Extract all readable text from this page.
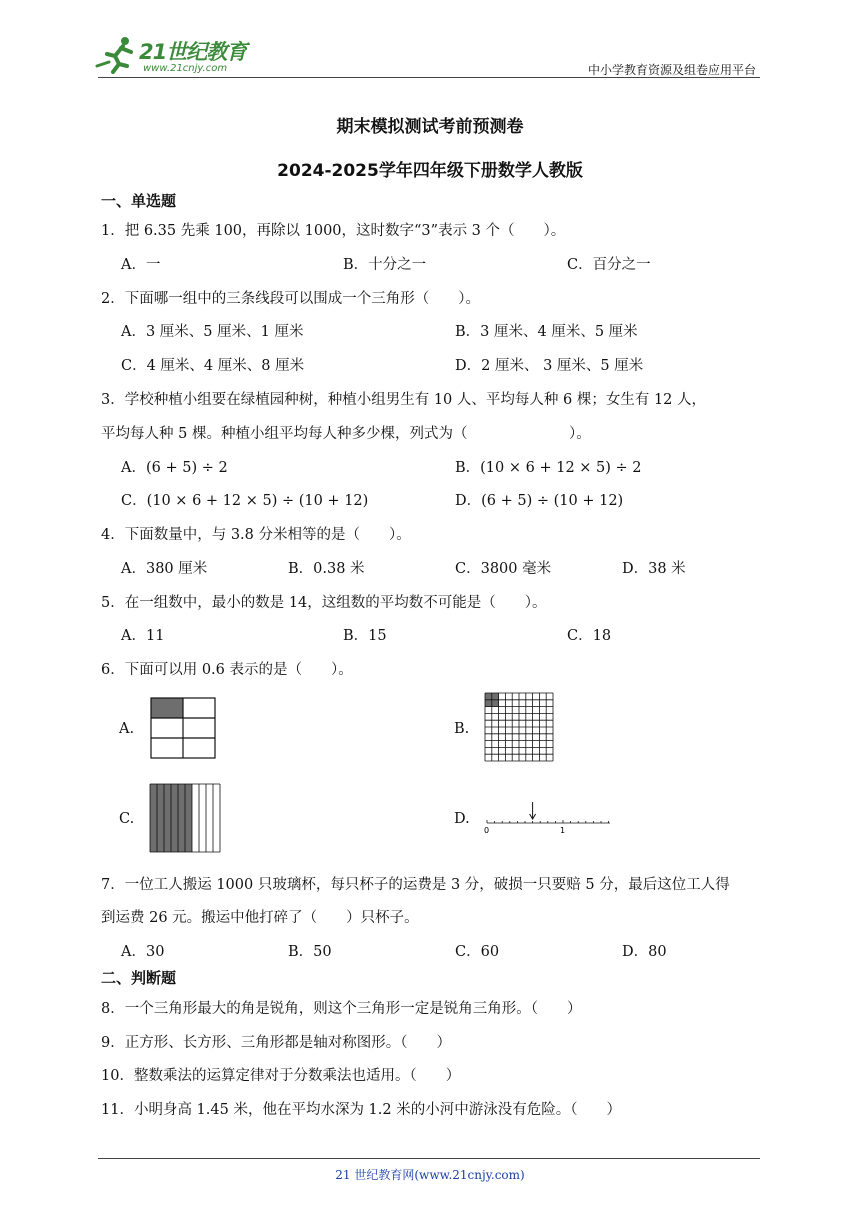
21世纪教育
www.21cnjy.com	中小学教育资源及组卷应用平台
期末模拟测试考前预测卷
2024-2025学年四年级下册数学人教版
一、单选题
1．把 6.35 先乘 100，再除以 1000，这时数字“3”表示 3 个（　　）。
A．一	B．十分之一	C．百分之一
2．下面哪一组中的三条线段可以围成一个三角形（　　）。
A．3 厘米、5 厘米、1 厘米	B．3 厘米、4 厘米、5 厘米
C．4 厘米、4 厘米、8 厘米	D．2 厘米、 3 厘米、5 厘米
3．学校种植小组要在绿植园种树，种植小组男生有 10 人、平均每人种 6 棵；女生有 12 人，
平均每人种 5 棵。种植小组平均每人种多少棵，列式为（　　　　　　　）。
A．(6 + 5) ÷ 2	B．(10 × 6 + 12 × 5) ÷ 2
C．(10 × 6 + 12 × 5) ÷ (10 + 12)	D．(6 + 5) ÷ (10 + 12)
4．下面数量中，与 3.8 分米相等的是（　　）。
A．380 厘米	B．0.38 米	C．3800 毫米	D．38 米
5．在一组数中，最小的数是 14，这组数的平均数不可能是（　　）。
A．11	B．15	C．18
6．下面可以用 0.6 表示的是（　　）。
A.	B.
C.	D.
0	1
7．一位工人搬运 1000 只玻璃杯，每只杯子的运费是 3 分，破损一只要赔 5 分，最后这位工人得
到运费 26 元。搬运中他打碎了（　　）只杯子。
A．30	B．50	C．60	D．80
二、判断题
8．一个三角形最大的角是锐角，则这个三角形一定是锐角三角形。（　　）
9．正方形、长方形、三角形都是轴对称图形。（　　）
10．整数乘法的运算定律对于分数乘法也适用。（　　）
11．小明身高 1.45 米，他在平均水深为 1.2 米的小河中游泳没有危险。（　　）
21 世纪教育网(www.21cnjy.com)
